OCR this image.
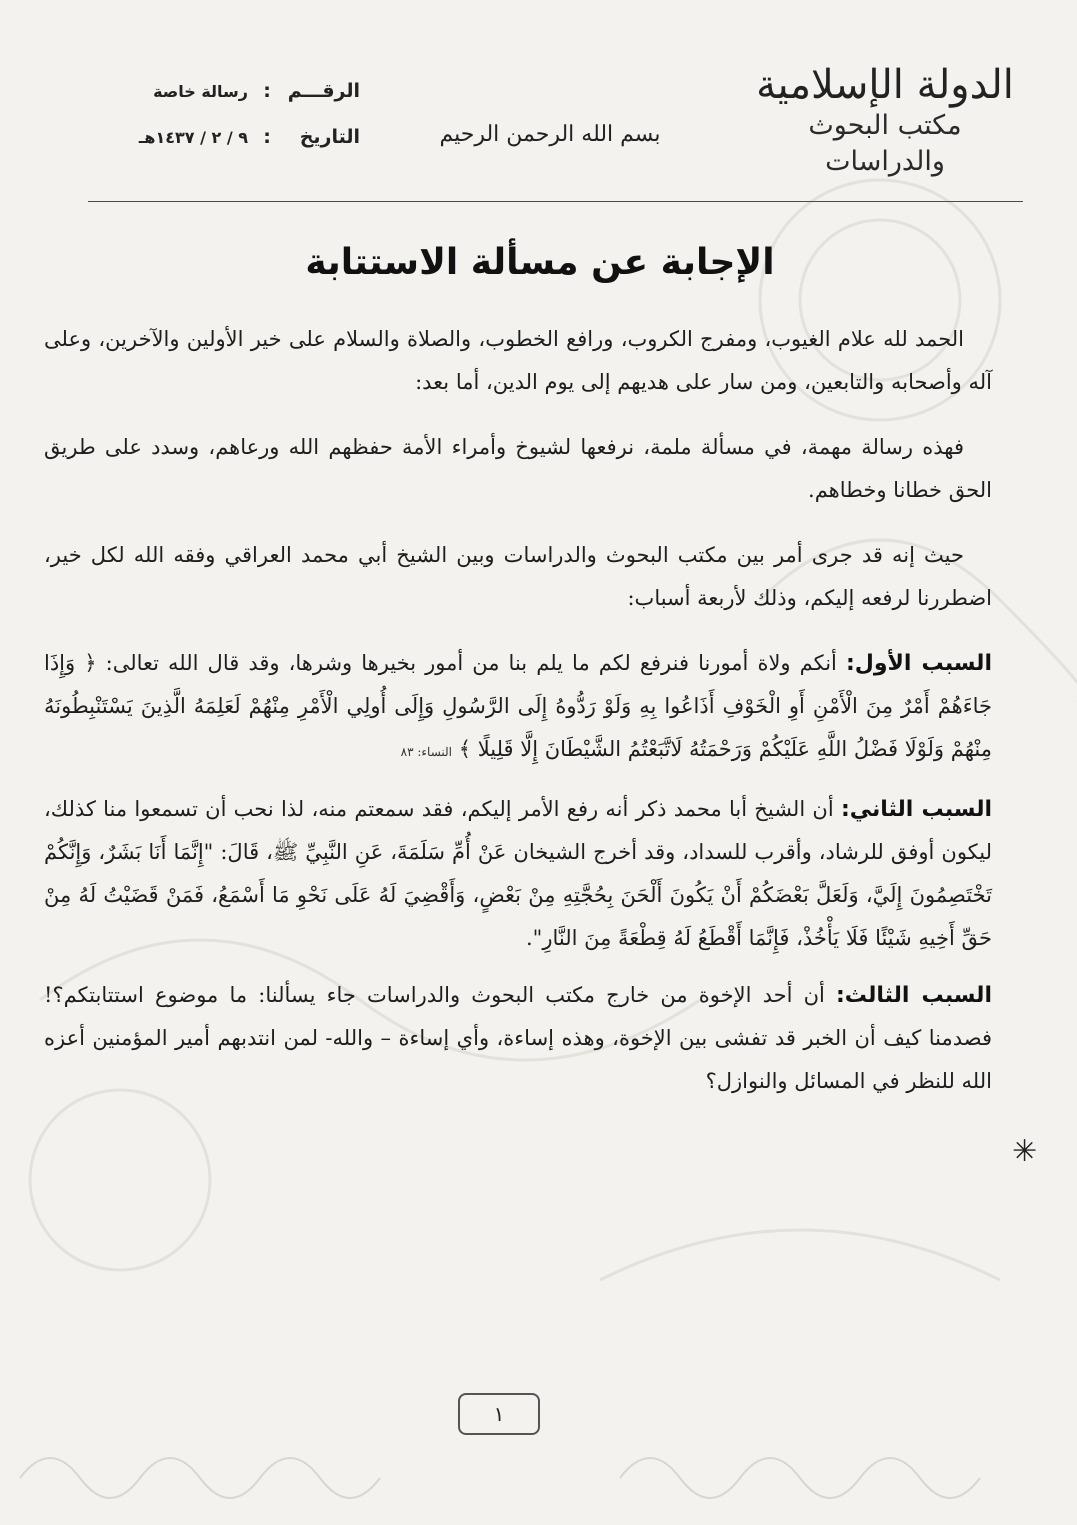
الدولة الإسلامية
مكتب البحوث والدراسات
بسم الله الرحمن الرحيم
الرقـــم
:
رسالة خاصة
التاريخ
:
٩ / ٢ / ١٤٣٧هـ
الإجابة عن مسألة الاستتابة

الحمد لله علام الغيوب، ومفرج الكروب، ورافع الخطوب، والصلاة والسلام على خير الأولين والآخرين، وعلى آله وأصحابه والتابعين، ومن سار على هديهم إلى يوم الدين، أما بعد:

فهذه رسالة مهمة، في مسألة ملمة، نرفعها لشيوخ وأمراء الأمة حفظهم الله ورعاهم، وسدد على طريق الحق خطانا وخطاهم.

حيث إنه قد جرى أمر بين مكتب البحوث والدراسات وبين الشيخ أبي محمد العراقي وفقه الله لكل خير، اضطررنا لرفعه إليكم، وذلك لأربعة أسباب:

السبب الأول: أنكم ولاة أمورنا فنرفع لكم ما يلم بنا من أمور بخيرها وشرها، وقد قال الله تعالى: ﴿ وَإِذَا جَاءَهُمْ أَمْرٌ مِنَ الْأَمْنِ أَوِ الْخَوْفِ أَذَاعُوا بِهِ وَلَوْ رَدُّوهُ إِلَى الرَّسُولِ وَإِلَى أُولِي الْأَمْرِ مِنْهُمْ لَعَلِمَهُ الَّذِينَ يَسْتَنْبِطُونَهُ مِنْهُمْ وَلَوْلَا فَضْلُ اللَّهِ عَلَيْكُمْ وَرَحْمَتُهُ لَاتَّبَعْتُمُ الشَّيْطَانَ إِلَّا قَلِيلًا ﴾ النساء: ٨٣

السبب الثاني: أن الشيخ أبا محمد ذكر أنه رفع الأمر إليكم، فقد سمعتم منه، لذا نحب أن تسمعوا منا كذلك، ليكون أوفق للرشاد، وأقرب للسداد، وقد أخرج الشيخان عَنْ أُمِّ سَلَمَةَ، عَنِ النَّبِيِّ ﷺ، قَالَ: "إِنَّمَا أَنَا بَشَرٌ، وَإِنَّكُمْ تَخْتَصِمُونَ إِلَيَّ، وَلَعَلَّ بَعْضَكُمْ أَنْ يَكُونَ أَلْحَنَ بِحُجَّتِهِ مِنْ بَعْضٍ، وَأَقْضِيَ لَهُ عَلَى نَحْوِ مَا أَسْمَعُ، فَمَنْ قَضَيْتُ لَهُ مِنْ حَقِّ أَخِيهِ شَيْئًا فَلَا يَأْخُذْ، فَإِنَّمَا أَقْطَعُ لَهُ قِطْعَةً مِنَ النَّارِ".

السبب الثالث: أن أحد الإخوة من خارج مكتب البحوث والدراسات جاء يسألنا: ما موضوع استتابتكم؟! فصدمنا كيف أن الخبر قد تفشى بين الإخوة، وهذه إساءة، وأي إساءة – والله- لمن انتدبهم أمير المؤمنين أعزه الله للنظر في المسائل والنوازل؟

✳
١
